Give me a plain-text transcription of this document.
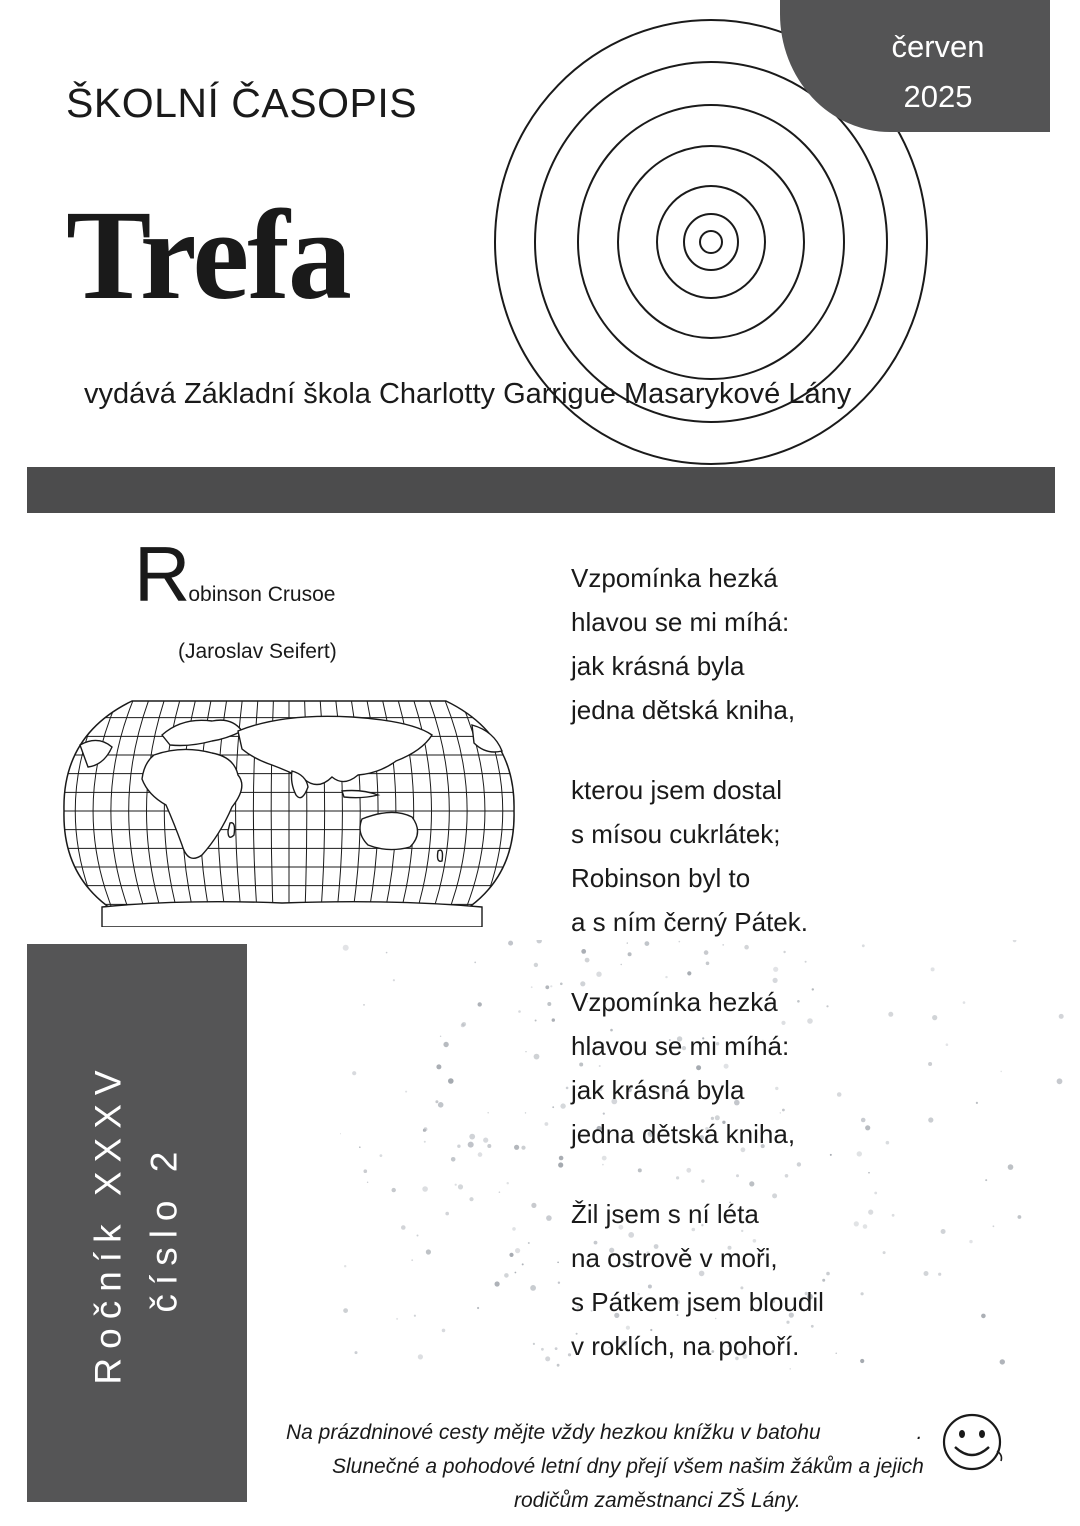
červen
2025
ŠKOLNÍ ČASOPIS
Trefa
vydává Základní škola Charlotty Garrigue Masarykové Lány
Robinson Crusoe
(Jaroslav Seifert)
Ročník XXXV číslo 2
Vzpomínka hezká
hlavou se mi míhá:
jak krásná byla
jedna dětská kniha,
kterou jsem dostal
s mísou cukrlátek;
Robinson byl to
a s ním černý Pátek.
Vzpomínka hezká
hlavou se mi míhá:
jak krásná byla
jedna dětská kniha,
Žil jsem s ní léta
na ostrově v moři,
s Pátkem jsem bloudil
v roklích, na pohoří.
Na prázdninové cesty mějte vždy hezkou knížku v batohu	.
Slunečné a pohodové letní dny přejí všem našim žákům a jejich
rodičům zaměstnanci ZŠ Lány.
